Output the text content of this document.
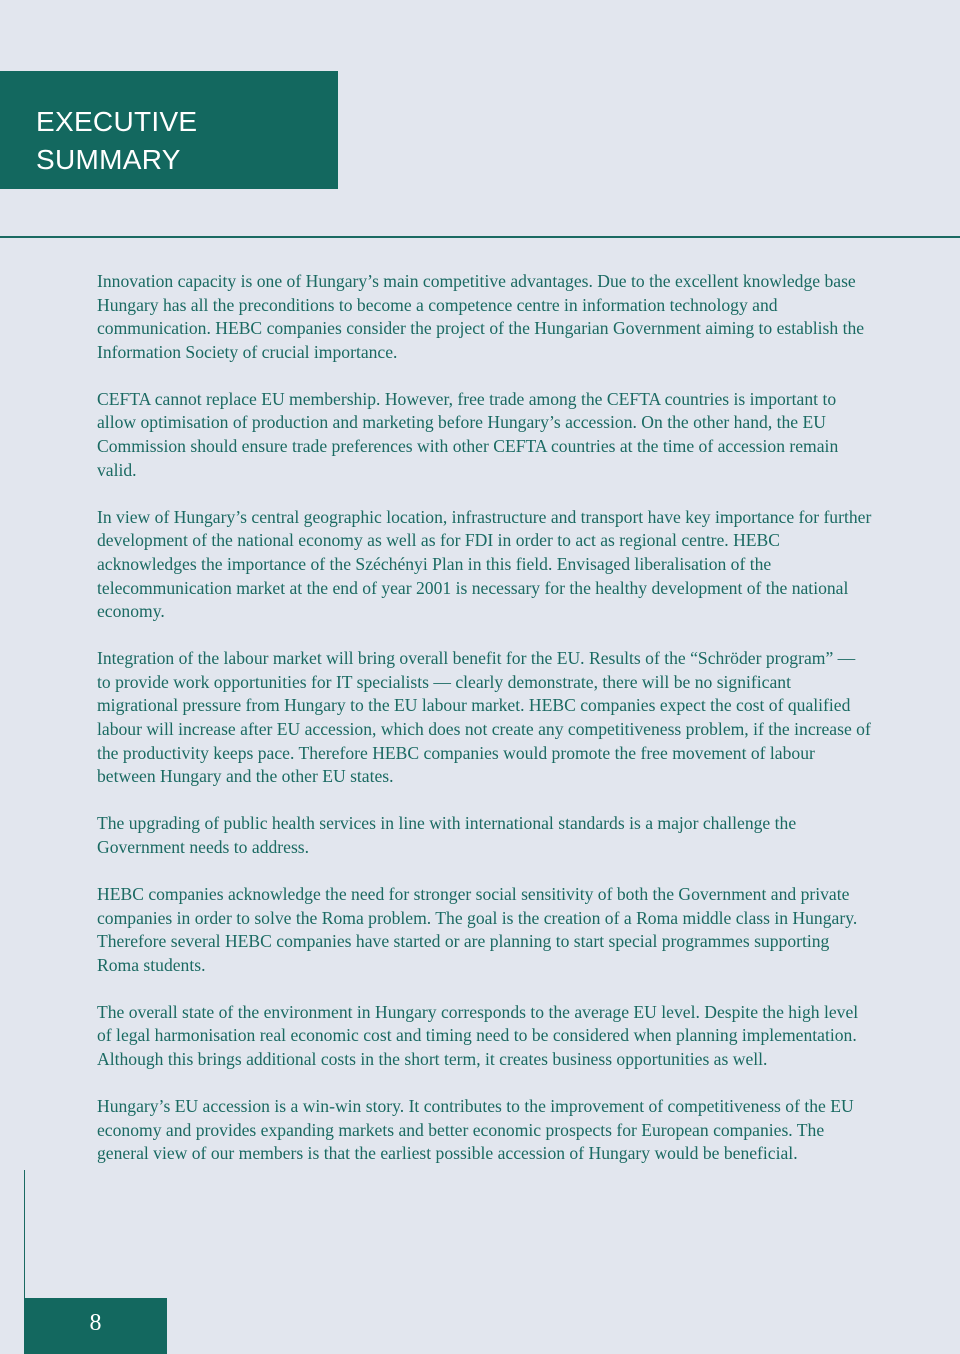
EXECUTIVE
SUMMARY

Innovation capacity is one of Hungary’s main competitive advantages. Due to the excellent knowledge base Hungary has all the preconditions to become a competence centre in information technology and communication. HEBC companies consider the project of the Hungarian Government aiming to establish the Information Society of crucial importance.

CEFTA cannot replace EU membership. However, free trade among the CEFTA countries is important to allow optimisation of production and marketing before Hungary’s accession. On the other hand, the EU Commission should ensure trade preferences with other CEFTA countries at the time of accession remain valid.

In view of Hungary’s central geographic location, infrastructure and transport have key importance for further development of the national economy as well as for FDI in order to act as regional centre. HEBC acknowledges the importance of the Széchényi Plan in this field. Envisaged liberalisation of the telecommunication market at the end of year 2001 is necessary for the healthy development of the national economy.

Integration of the labour market will bring overall benefit for the EU. Results of the “Schröder program” — to provide work opportunities for IT specialists — clearly demonstrate, there will be no significant migrational pressure from Hungary to the EU labour market. HEBC companies expect the cost of qualified labour will increase after EU accession, which does not create any competitiveness problem, if the increase of the productivity keeps pace. Therefore HEBC companies would promote the free movement of labour between Hungary and the other EU states.

The upgrading of public health services in line with international standards is a major challenge the Government needs to address.

HEBC companies acknowledge the need for stronger social sensitivity of both the Government and private companies in order to solve the Roma problem. The goal is the creation of a Roma middle class in Hungary. Therefore several HEBC companies have started or are planning to start special programmes supporting Roma students.

The overall state of the environment in Hungary corresponds to the average EU level. Despite the high level of legal harmonisation real economic cost and timing need to be considered when planning implementation. Although this brings additional costs in the short term, it creates business opportunities as well.

Hungary’s EU accession is a win-win story. It contributes to the improvement of competitiveness of the EU economy and provides expanding markets and better economic prospects for European companies. The general view of our members is that the earliest possible accession of Hungary would be beneficial.

8
